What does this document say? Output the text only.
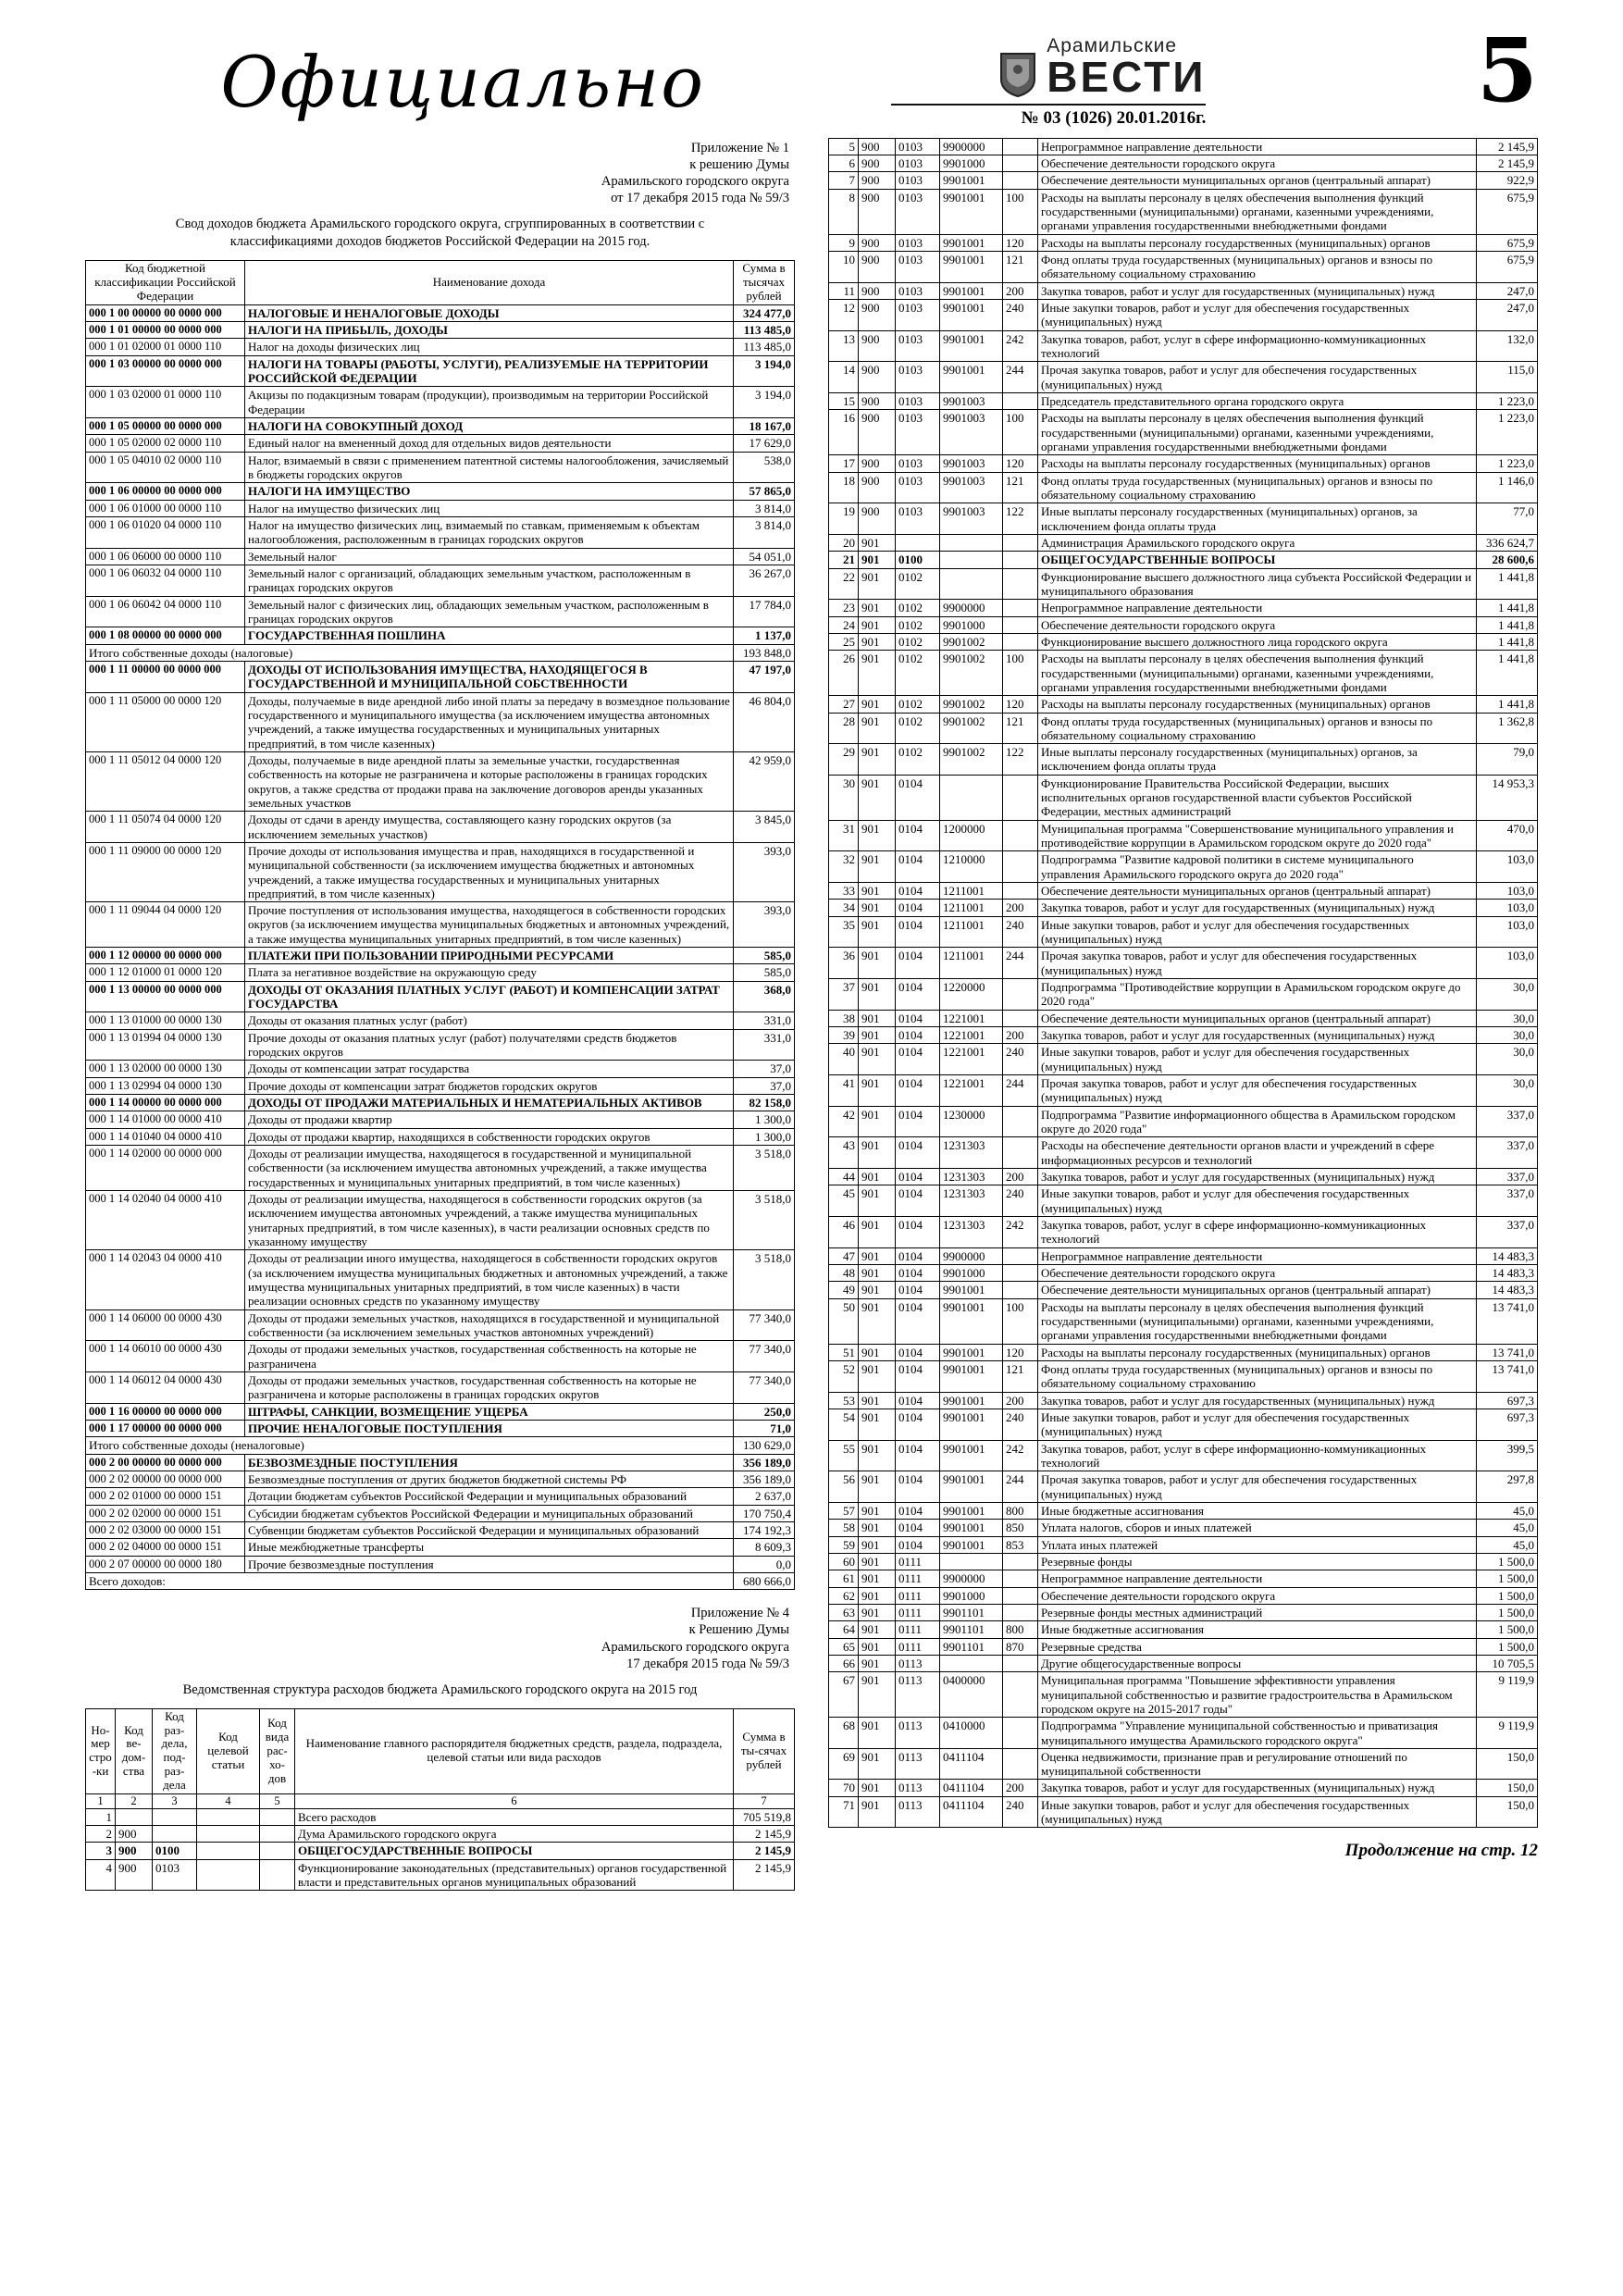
Официально	Арамильские
ВЕСТИ
№ 03 (1026) 20.01.2016г.	5
Приложение № 1
к решению Думы
Арамильского городского округа
от 17 декабря 2015 года № 59/3

Свод доходов бюджета Арамильского городского округа, сгруппированных в соответствии с классификациями доходов бюджетов Российской Федерации на 2015 год.

Код бюджетной классификации Российской Федерации	Наименование дохода	Сумма в тысячах рублей
000 1 00 00000 00 0000 000	НАЛОГОВЫЕ И НЕНАЛОГОВЫЕ ДОХОДЫ	324 477,0
000 1 01 00000 00 0000 000	НАЛОГИ НА ПРИБЫЛЬ, ДОХОДЫ	113 485,0
000 1 01 02000 01 0000 110	Налог на доходы физических лиц	113 485,0
000 1 03 00000 00 0000 000	НАЛОГИ НА ТОВАРЫ (РАБОТЫ, УСЛУГИ), РЕАЛИЗУЕМЫЕ НА ТЕРРИТОРИИ РОССИЙСКОЙ ФЕДЕРАЦИИ	3 194,0
000 1 03 02000 01 0000 110	Акцизы по подакцизным товарам (продукции), производимым на территории Российской Федерации	3 194,0
000 1 05 00000 00 0000 000	НАЛОГИ НА СОВОКУПНЫЙ ДОХОД	18 167,0
000 1 05 02000 02 0000 110	Единый налог на вмененный доход для отдельных видов деятельности	17 629,0
000 1 05 04010 02 0000 110	Налог, взимаемый в связи с применением патентной системы налогообложения, зачисляемый в бюджеты городских округов	538,0
000 1 06 00000 00 0000 000	НАЛОГИ НА ИМУЩЕСТВО	57 865,0
000 1 06 01000 00 0000 110	Налог на имущество физических лиц	3 814,0
000 1 06 01020 04 0000 110	Налог на имущество физических лиц, взимаемый по ставкам, применяемым к объектам налогообложения, расположенным в границах городских округов	3 814,0
000 1 06 06000 00 0000 110	Земельный налог	54 051,0
000 1 06 06032 04 0000 110	Земельный налог с организаций, обладающих земельным участком, расположенным в границах городских округов	36 267,0
000 1 06 06042 04 0000 110	Земельный налог с физических лиц, обладающих земельным участком, расположенным в границах городских округов	17 784,0
000 1 08 00000 00 0000 000	ГОСУДАРСТВЕННАЯ ПОШЛИНА	1 137,0
Итого собственные доходы (налоговые)		193 848,0
000 1 11 00000 00 0000 000	ДОХОДЫ ОТ ИСПОЛЬЗОВАНИЯ ИМУЩЕСТВА, НАХОДЯЩЕГОСЯ В ГОСУДАРСТВЕННОЙ И МУНИЦИПАЛЬНОЙ СОБСТВЕННОСТИ	47 197,0
000 1 11 05000 00 0000 120	Доходы, получаемые в виде арендной либо иной платы за передачу в возмездное пользование государственного и муниципального имущества (за исключением имущества автономных учреждений, а также имущества государственных и муниципальных унитарных предприятий, в том числе казенных)	46 804,0
000 1 11 05012 04 0000 120	Доходы, получаемые в виде арендной платы за земельные участки, государственная собственность на которые не разграничена и которые расположены в границах городских округов, а также средства от продажи права на заключение договоров аренды указанных земельных участков	42 959,0
000 1 11 05074 04 0000 120	Доходы от сдачи в аренду имущества, составляющего казну городских округов (за исключением земельных участков)	3 845,0
000 1 11 09000 00 0000 120	Прочие доходы от использования имущества и прав, находящихся в государственной и муниципальной собственности (за исключением имущества бюджетных и автономных учреждений, а также имущества государственных и муниципальных унитарных предприятий, в том числе казенных)	393,0
000 1 11 09044 04 0000 120	Прочие поступления от использования имущества, находящегося в собственности городских округов (за исключением имущества муниципальных бюджетных и автономных учреждений, а также имущества муниципальных унитарных предприятий, в том числе казенных)	393,0
000 1 12 00000 00 0000 000	ПЛАТЕЖИ ПРИ ПОЛЬЗОВАНИИ ПРИРОДНЫМИ РЕСУРСАМИ	585,0
000 1 12 01000 01 0000 120	Плата за негативное воздействие на окружающую среду	585,0
000 1 13 00000 00 0000 000	ДОХОДЫ ОТ ОКАЗАНИЯ ПЛАТНЫХ УСЛУГ (РАБОТ) И КОМПЕНСАЦИИ ЗАТРАТ ГОСУДАРСТВА	368,0
000 1 13 01000 00 0000 130	Доходы от оказания платных услуг (работ)	331,0
000 1 13 01994 04 0000 130	Прочие доходы от оказания платных услуг (работ) получателями средств бюджетов городских округов	331,0
000 1 13 02000 00 0000 130	Доходы от компенсации затрат государства	37,0
000 1 13 02994 04 0000 130	Прочие доходы от компенсации затрат бюджетов городских округов	37,0
000 1 14 00000 00 0000 000	ДОХОДЫ ОТ ПРОДАЖИ МАТЕРИАЛЬНЫХ И НЕМАТЕРИАЛЬНЫХ АКТИВОВ	82 158,0
000 1 14 01000 00 0000 410	Доходы от продажи квартир	1 300,0
000 1 14 01040 04 0000 410	Доходы от продажи квартир, находящихся в собственности городских округов	1 300,0
000 1 14 02000 00 0000 000	Доходы от реализации имущества, находящегося в государственной и муниципальной собственности (за исключением имущества автономных учреждений, а также имущества государственных и муниципальных унитарных предприятий, в том числе казенных)	3 518,0
000 1 14 02040 04 0000 410	Доходы от реализации имущества, находящегося в собственности городских округов (за исключением имущества автономных учреждений, а также имущества муниципальных унитарных предприятий, в том числе казенных), в части реализации основных средств по указанному имуществу	3 518,0
000 1 14 02043 04 0000 410	Доходы от реализации иного имущества, находящегося в собственности городских округов (за исключением имущества муниципальных бюджетных и автономных учреждений, а также имущества муниципальных унитарных предприятий, в том числе казенных) в части реализации основных средств по указанному имуществу	3 518,0
000 1 14 06000 00 0000 430	Доходы от продажи земельных участков, находящихся в государственной и муниципальной собственности (за исключением земельных участков автономных учреждений)	77 340,0
000 1 14 06010 00 0000 430	Доходы от продажи земельных участков, государственная собственность на которые не разграничена	77 340,0
000 1 14 06012 04 0000 430	Доходы от продажи земельных участков, государственная собственность на которые не разграничена и которые расположены в границах городских округов	77 340,0
000 1 16 00000 00 0000 000	ШТРАФЫ, САНКЦИИ, ВОЗМЕЩЕНИЕ УЩЕРБА	250,0
000 1 17 00000 00 0000 000	ПРОЧИЕ НЕНАЛОГОВЫЕ ПОСТУПЛЕНИЯ	71,0
Итого собственные доходы (неналоговые)		130 629,0
000 2 00 00000 00 0000 000	БЕЗВОЗМЕЗДНЫЕ ПОСТУПЛЕНИЯ	356 189,0
000 2 02 00000 00 0000 000	Безвозмездные поступления от других бюджетов бюджетной системы РФ	356 189,0
000 2 02 01000 00 0000 151	Дотации бюджетам субъектов Российской Федерации и муниципальных образований	2 637,0
000 2 02 02000 00 0000 151	Субсидии бюджетам субъектов Российской Федерации и муниципальных образований	170 750,4
000 2 02 03000 00 0000 151	Субвенции бюджетам субъектов Российской Федерации и муниципальных образований	174 192,3
000 2 02 04000 00 0000 151	Иные межбюджетные трансферты	8 609,3
000 2 07 00000 00 0000 180	Прочие безвозмездные поступления	0,0
Всего доходов:		680 666,0
Приложение № 4
к Решению Думы
Арамильского городского округа
17 декабря 2015 года № 59/3

Ведомственная структура расходов бюджета Арамильского городского округа на 2015 год

Но-мер стро-ки	Код ве-дом-ства	Код раз-дела, под-раз-дела	Код целевой статьи	Код вида рас-хо-дов	Наименование главного распорядителя бюджетных средств, раздела, подраздела, целевой статьи или вида расходов	Сумма в ты-сячах рублей
1	2	3	4	5	6	7
1					Всего расходов	705 519,8
2	900				Дума Арамильского городского округа	2 145,9
3	900	0100			ОБЩЕГОСУДАРСТВЕННЫЕ ВОПРОСЫ	2 145,9
4	900	0103			Функционирование законодательных (представительных) органов государственной власти и представительных органов муниципальных образований	2 145,9
5	900	0103	9900000		Непрограммное направление деятельности	2 145,9
6	900	0103	9901000		Обеспечение деятельности городского округа	2 145,9
7	900	0103	9901001		Обеспечение деятельности муниципальных органов (центральный аппарат)	922,9
8	900	0103	9901001	100	Расходы на выплаты персоналу в целях обеспечения выполнения функций государственными (муниципальными) органами, казенными учреждениями, органами управления государственными внебюджетными фондами	675,9
9	900	0103	9901001	120	Расходы на выплаты персоналу государственных (муниципальных) органов	675,9
10	900	0103	9901001	121	Фонд оплаты труда государственных (муниципальных) органов и взносы по обязательному социальному страхованию	675,9
11	900	0103	9901001	200	Закупка товаров, работ и услуг для государственных (муниципальных) нужд	247,0
12	900	0103	9901001	240	Иные закупки товаров, работ и услуг для обеспечения государственных (муниципальных) нужд	247,0
13	900	0103	9901001	242	Закупка товаров, работ, услуг в сфере информационно-коммуникационных технологий	132,0
14	900	0103	9901001	244	Прочая закупка товаров, работ и услуг для обеспечения государственных (муниципальных) нужд	115,0
15	900	0103	9901003		Председатель представительного органа городского округа	1 223,0
16	900	0103	9901003	100	Расходы на выплаты персоналу в целях обеспечения выполнения функций государственными (муниципальными) органами, казенными учреждениями, органами управления государственными внебюджетными фондами	1 223,0
17	900	0103	9901003	120	Расходы на выплаты персоналу государственных (муниципальных) органов	1 223,0
18	900	0103	9901003	121	Фонд оплаты труда государственных (муниципальных) органов и взносы по обязательному социальному страхованию	1 146,0
19	900	0103	9901003	122	Иные выплаты персоналу государственных (муниципальных) органов, за исключением фонда оплаты труда	77,0
20	901				Администрация Арамильского городского округа	336 624,7
21	901	0100			ОБЩЕГОСУДАРСТВЕННЫЕ ВОПРОСЫ	28 600,6
22	901	0102			Функционирование высшего должностного лица субъекта Российской Федерации и муниципального образования	1 441,8
23	901	0102	9900000		Непрограммное направление деятельности	1 441,8
24	901	0102	9901000		Обеспечение деятельности городского округа	1 441,8
25	901	0102	9901002		Функционирование высшего должностного лица городского округа	1 441,8
26	901	0102	9901002	100	Расходы на выплаты персоналу в целях обеспечения выполнения функций государственными (муниципальными) органами, казенными учреждениями, органами управления государственными внебюджетными фондами	1 441,8
27	901	0102	9901002	120	Расходы на выплаты персоналу государственных (муниципальных) органов	1 441,8
28	901	0102	9901002	121	Фонд оплаты труда государственных (муниципальных) органов и взносы по обязательному социальному страхованию	1 362,8
29	901	0102	9901002	122	Иные выплаты персоналу государственных (муниципальных) органов, за исключением фонда оплаты труда	79,0
30	901	0104			Функционирование Правительства Российской Федерации, высших исполнительных органов государственной власти субъектов Российской Федерации, местных администраций	14 953,3
31	901	0104	1200000		Муниципальная программа "Совершенствование муниципального управления и противодействие коррупции в Арамильском городском округе до 2020 года"	470,0
32	901	0104	1210000		Подпрограмма "Развитие кадровой политики в системе муниципального управления Арамильского городского округа до 2020 года"	103,0
33	901	0104	1211001		Обеспечение деятельности муниципальных органов (центральный аппарат)	103,0
34	901	0104	1211001	200	Закупка товаров, работ и услуг для государственных (муниципальных) нужд	103,0
35	901	0104	1211001	240	Иные закупки товаров, работ и услуг для обеспечения государственных (муниципальных) нужд	103,0
36	901	0104	1211001	244	Прочая закупка товаров, работ и услуг для обеспечения государственных (муниципальных) нужд	103,0
37	901	0104	1220000		Подпрограмма "Противодействие коррупции в Арамильском городском округе до 2020 года"	30,0
38	901	0104	1221001		Обеспечение деятельности муниципальных органов (центральный аппарат)	30,0
39	901	0104	1221001	200	Закупка товаров, работ и услуг для государственных (муниципальных) нужд	30,0
40	901	0104	1221001	240	Иные закупки товаров, работ и услуг для обеспечения государственных (муниципальных) нужд	30,0
41	901	0104	1221001	244	Прочая закупка товаров, работ и услуг для обеспечения государственных (муниципальных) нужд	30,0
42	901	0104	1230000		Подпрограмма "Развитие информационного общества в Арамильском городском округе до 2020 года"	337,0
43	901	0104	1231303		Расходы на обеспечение деятельности органов власти и учреждений в сфере информационных ресурсов и технологий	337,0
44	901	0104	1231303	200	Закупка товаров, работ и услуг для государственных (муниципальных) нужд	337,0
45	901	0104	1231303	240	Иные закупки товаров, работ и услуг для обеспечения государственных (муниципальных) нужд	337,0
46	901	0104	1231303	242	Закупка товаров, работ, услуг в сфере информационно-коммуникационных технологий	337,0
47	901	0104	9900000		Непрограммное направление деятельности	14 483,3
48	901	0104	9901000		Обеспечение деятельности городского округа	14 483,3
49	901	0104	9901001		Обеспечение деятельности муниципальных органов (центральный аппарат)	14 483,3
50	901	0104	9901001	100	Расходы на выплаты персоналу в целях обеспечения выполнения функций государственными (муниципальными) органами, казенными учреждениями, органами управления государственными внебюджетными фондами	13 741,0
51	901	0104	9901001	120	Расходы на выплаты персоналу государственных (муниципальных) органов	13 741,0
52	901	0104	9901001	121	Фонд оплаты труда государственных (муниципальных) органов и взносы по обязательному социальному страхованию	13 741,0
53	901	0104	9901001	200	Закупка товаров, работ и услуг для государственных (муниципальных) нужд	697,3
54	901	0104	9901001	240	Иные закупки товаров, работ и услуг для обеспечения государственных (муниципальных) нужд	697,3
55	901	0104	9901001	242	Закупка товаров, работ, услуг в сфере информационно-коммуникационных технологий	399,5
56	901	0104	9901001	244	Прочая закупка товаров, работ и услуг для обеспечения государственных (муниципальных) нужд	297,8
57	901	0104	9901001	800	Иные бюджетные ассигнования	45,0
58	901	0104	9901001	850	Уплата налогов, сборов и иных платежей	45,0
59	901	0104	9901001	853	Уплата иных платежей	45,0
60	901	0111			Резервные фонды	1 500,0
61	901	0111	9900000		Непрограммное направление деятельности	1 500,0
62	901	0111	9901000		Обеспечение деятельности городского округа	1 500,0
63	901	0111	9901101		Резервные фонды местных администраций	1 500,0
64	901	0111	9901101	800	Иные бюджетные ассигнования	1 500,0
65	901	0111	9901101	870	Резервные средства	1 500,0
66	901	0113			Другие общегосударственные вопросы	10 705,5
67	901	0113	0400000		Муниципальная программа "Повышение эффективности управления муниципальной собственностью и развитие градостроительства в Арамильском городском округе на 2015-2017 годы"	9 119,9
68	901	0113	0410000		Подпрограмма "Управление муниципальной собственностью и приватизация муниципального имущества Арамильского городского округа"	9 119,9
69	901	0113	0411104		Оценка недвижимости, признание прав и регулирование отношений по муниципальной собственности	150,0
70	901	0113	0411104	200	Закупка товаров, работ и услуг для государственных (муниципальных) нужд	150,0
71	901	0113	0411104	240	Иные закупки товаров, работ и услуг для обеспечения государственных (муниципальных) нужд	150,0

Продолжение на стр. 12
